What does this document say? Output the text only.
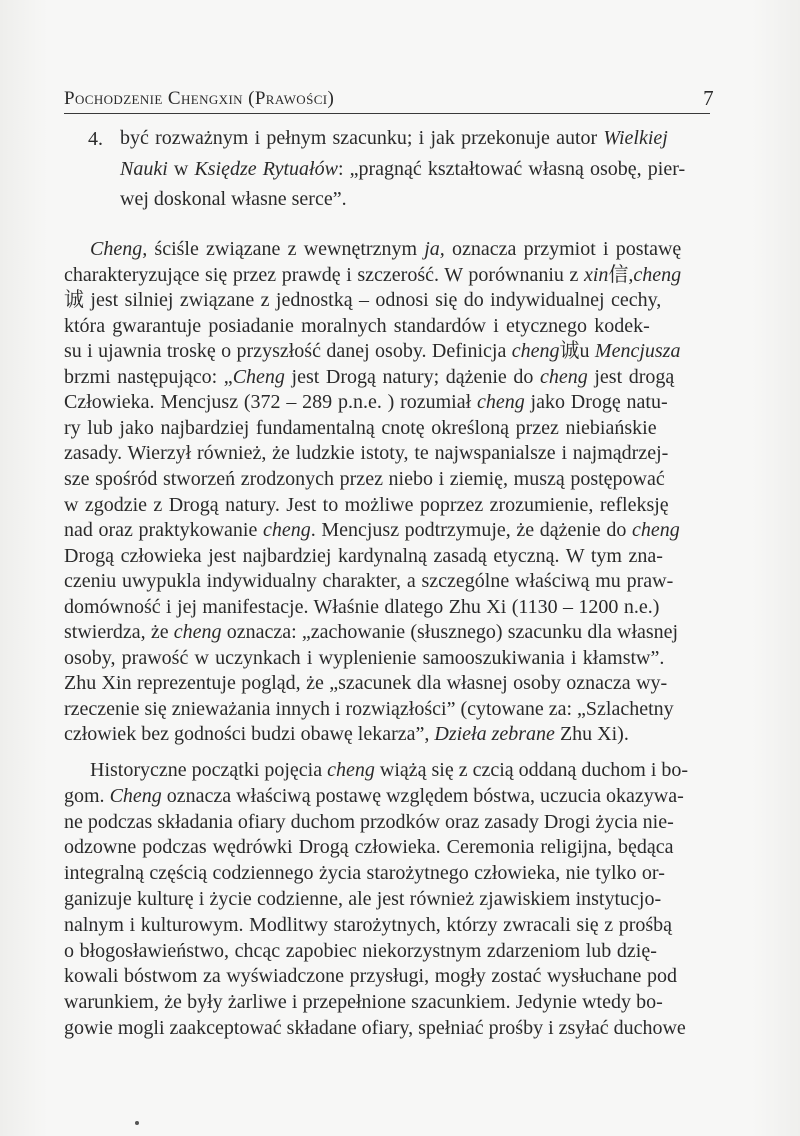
Pochodzenie Chengxin (Prawości)	7
4. być rozważnym i pełnym szacunku; i jak przekonuje autor Wielkiej
Nauki w Księdze Rytuałów: „pragnąć kształtować własną osobę, pier-
wej doskonal własne serce”.
Cheng, ściśle związane z wewnętrznym ja, oznacza przymiot i postawę
charakteryzujące się przez prawdę i szczerość. W porównaniu z xin信,cheng
诚 jest silniej związane z jednostką – odnosi się do indywidualnej cechy,
która gwarantuje posiadanie moralnych standardów i etycznego kodek-
su i ujawnia troskę o przyszłość danej osoby. Definicja cheng诚u Mencjusza
brzmi następująco: „Cheng jest Drogą natury; dążenie do cheng jest drogą
Człowieka. Mencjusz (372 – 289 p.n.e. ) rozumiał cheng jako Drogę natu-
ry lub jako najbardziej fundamentalną cnotę określoną przez niebiańskie
zasady. Wierzył również, że ludzkie istoty, te najwspanialsze i najmądrzej-
sze spośród stworzeń zrodzonych przez niebo i ziemię, muszą postępować
w zgodzie z Drogą natury. Jest to możliwe poprzez zrozumienie, refleksję
nad oraz praktykowanie cheng. Mencjusz podtrzymuje, że dążenie do cheng
Drogą człowieka jest najbardziej kardynalną zasadą etyczną. W tym zna-
czeniu uwypukla indywidualny charakter, a szczególne właściwą mu praw-
domówność i jej manifestacje. Właśnie dlatego Zhu Xi (1130 – 1200 n.e.)
stwierdza, że cheng oznacza: „zachowanie (słusznego) szacunku dla własnej
osoby, prawość w uczynkach i wyplenienie samooszukiwania i kłamstw”.
Zhu Xin reprezentuje pogląd, że „szacunek dla własnej osoby oznacza wy-
rzeczenie się znieważania innych i rozwiązłości” (cytowane za: „Szlachetny
człowiek bez godności budzi obawę lekarza”, Dzieła zebrane Zhu Xi).
Historyczne początki pojęcia cheng wiążą się z czcią oddaną duchom i bo-
gom. Cheng oznacza właściwą postawę względem bóstwa, uczucia okazywa-
ne podczas składania ofiary duchom przodków oraz zasady Drogi życia nie-
odzowne podczas wędrówki Drogą człowieka. Ceremonia religijna, będąca
integralną częścią codziennego życia starożytnego człowieka, nie tylko or-
ganizuje kulturę i życie codzienne, ale jest również zjawiskiem instytucjo-
nalnym i kulturowym. Modlitwy starożytnych, którzy zwracali się z prośbą
o błogosławieństwo, chcąc zapobiec niekorzystnym zdarzeniom lub dzię-
kowali bóstwom za wyświadczone przysługi, mogły zostać wysłuchane pod
warunkiem, że były żarliwe i przepełnione szacunkiem. Jedynie wtedy bo-
gowie mogli zaakceptować składane ofiary, spełniać prośby i zsyłać duchowe
